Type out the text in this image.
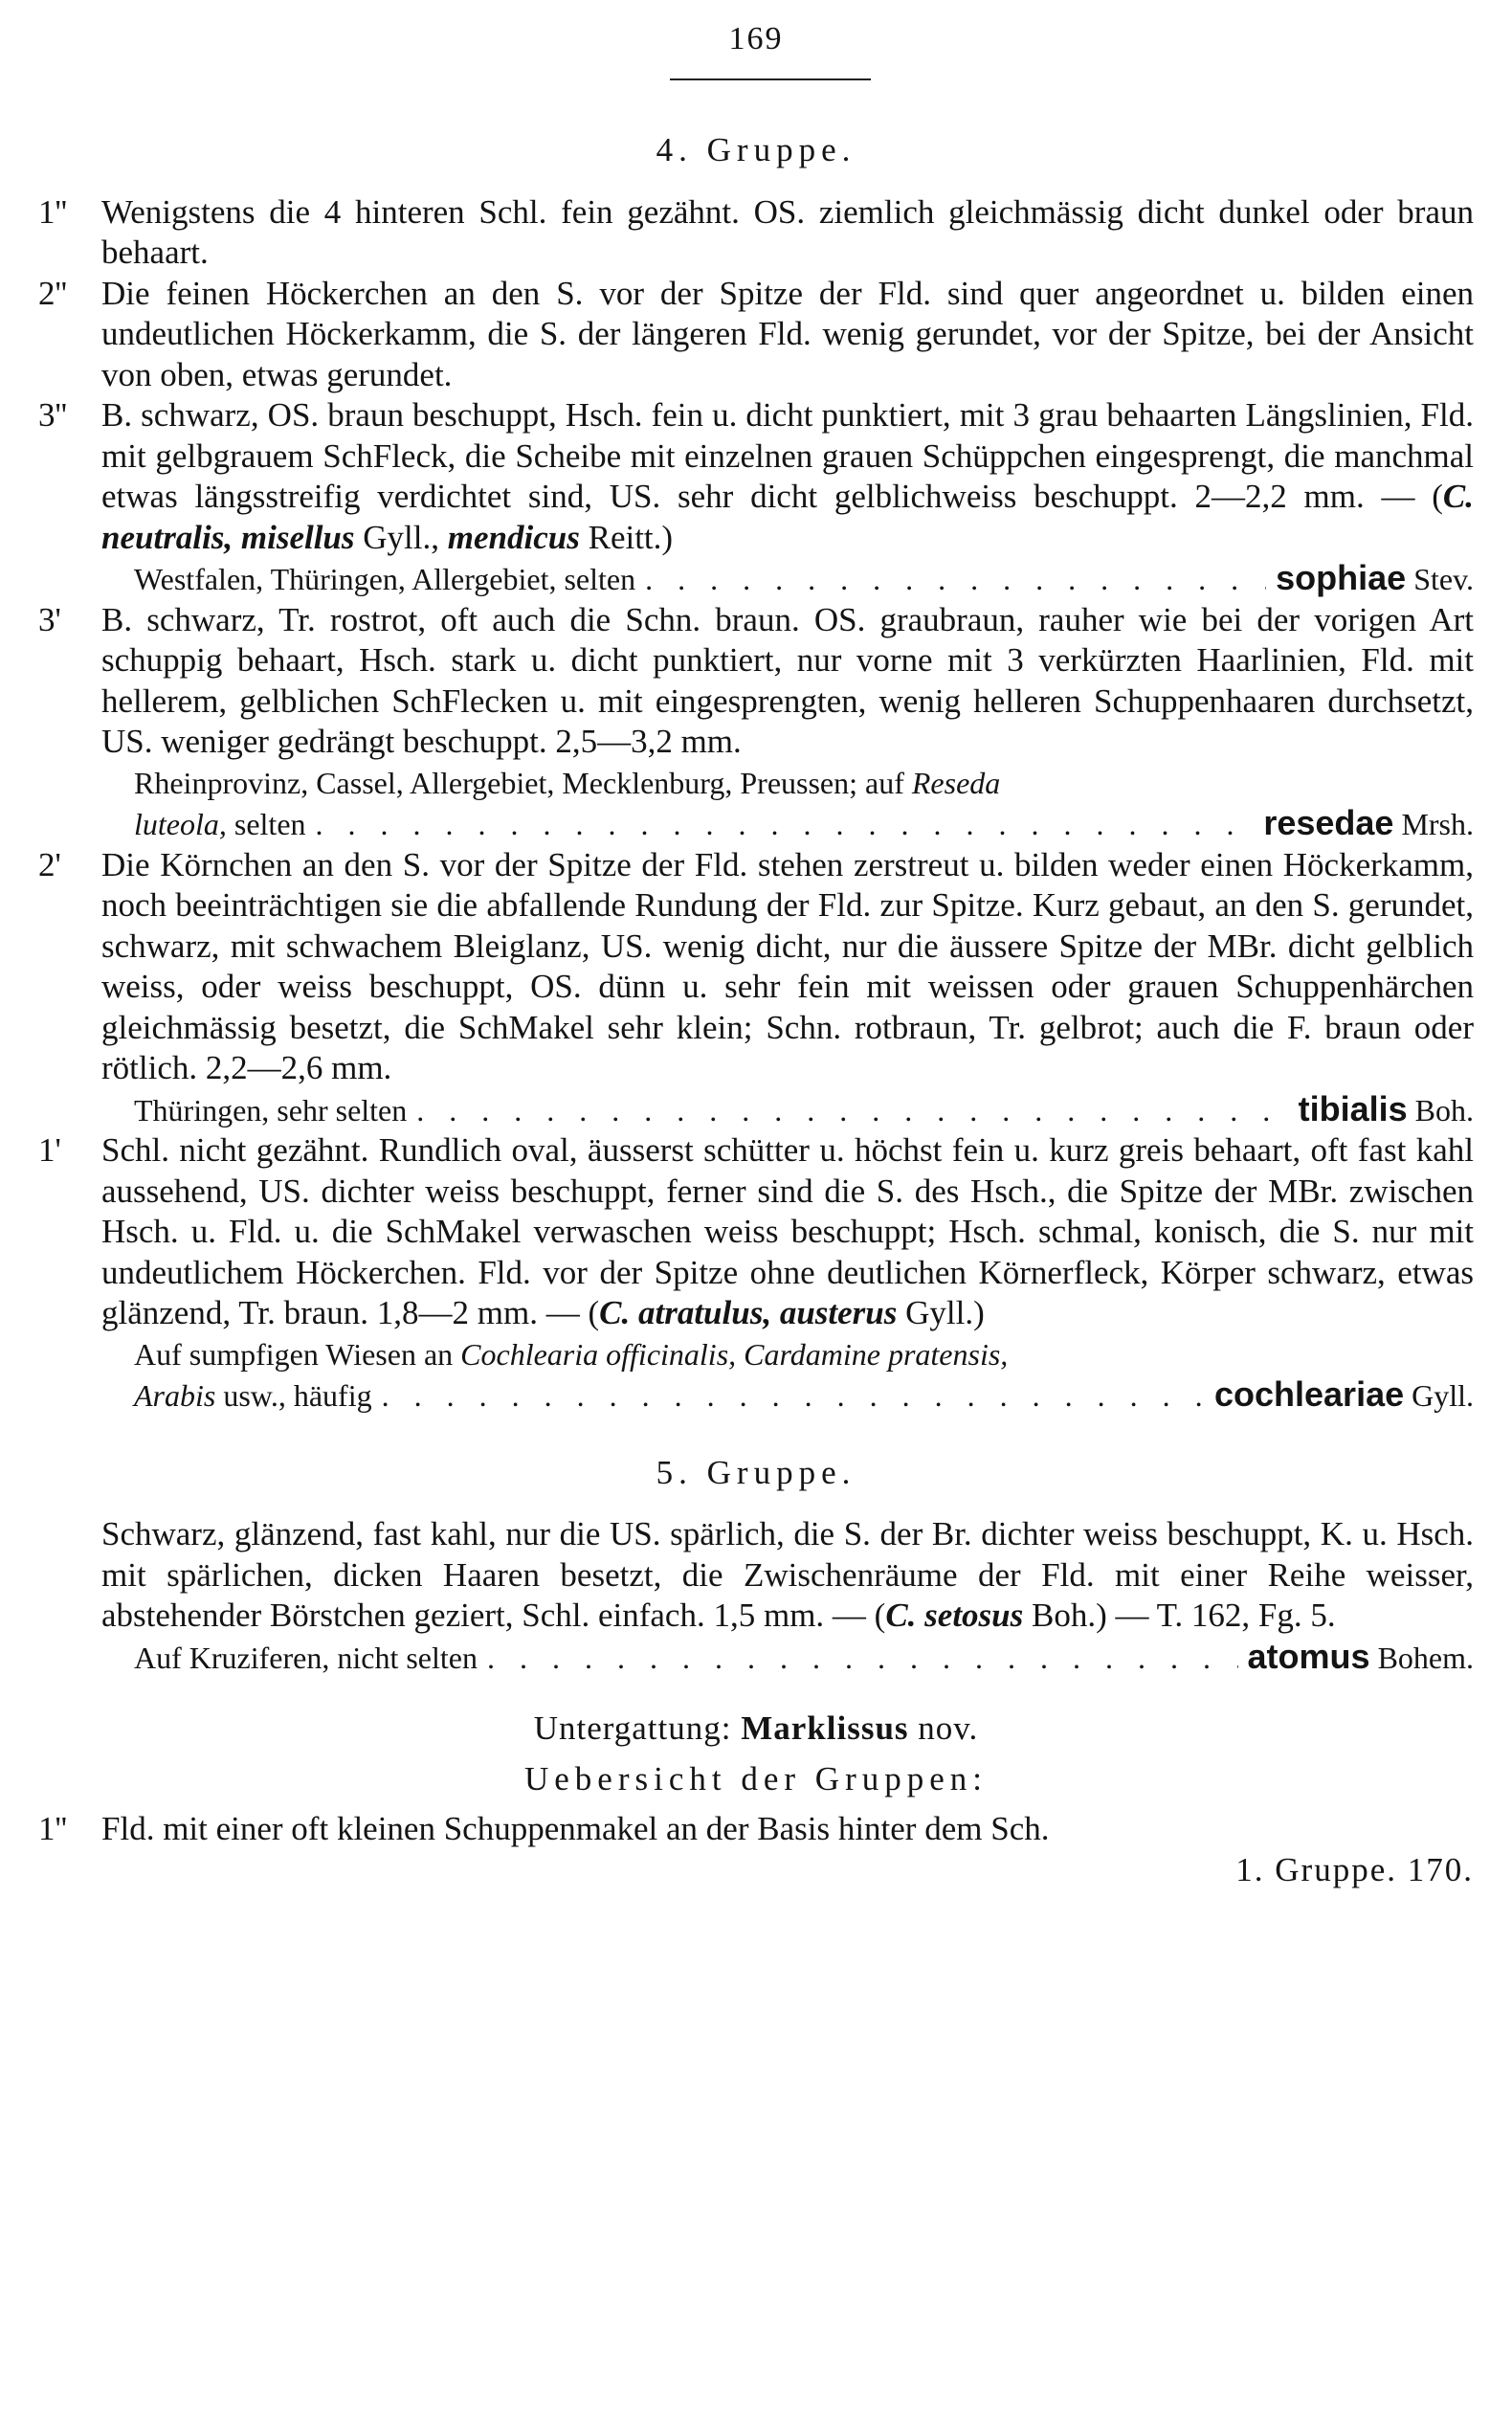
169
4. Gruppe.
1''	Wenigstens die 4 hinteren Schl. fein gezähnt. OS. ziemlich gleichmässig dicht dunkel oder braun behaart.
2''	Die feinen Höckerchen an den S. vor der Spitze der Fld. sind quer angeordnet u. bilden einen undeutlichen Höckerkamm, die S. der längeren Fld. wenig gerundet, vor der Spitze, bei der Ansicht von oben, etwas gerundet.
3''	B. schwarz, OS. braun beschuppt, Hsch. fein u. dicht punktiert, mit 3 grau behaarten Längslinien, Fld. mit gelbgrauem SchFleck, die Scheibe mit einzelnen grauen Schüppchen eingesprengt, die manchmal etwas längsstreifig verdichtet sind, US. sehr dicht gelblichweiss beschuppt. 2—2,2 mm. — (C. neutralis, misellus Gyll., mendicus Reitt.)
Westfalen, Thüringen, Allergebiet, selten . . .	sophiae Stev.
3'	B. schwarz, Tr. rostrot, oft auch die Schn. braun. OS. graubraun, rauher wie bei der vorigen Art schuppig behaart, Hsch. stark u. dicht punktiert, nur vorne mit 3 verkürzten Haarlinien, Fld. mit hellerem, gelblichen SchFlecken u. mit eingesprengten, wenig helleren Schuppenhaaren durchsetzt, US. weniger gedrängt beschuppt. 2,5—3,2 mm.
Rheinprovinz, Cassel, Allergebiet, Mecklenburg, Preussen; auf Reseda
luteola, selten . . .	resedae Mrsh.
2'	Die Körnchen an den S. vor der Spitze der Fld. stehen zerstreut u. bilden weder einen Höckerkamm, noch beeinträchtigen sie die abfallende Rundung der Fld. zur Spitze. Kurz gebaut, an den S. gerundet, schwarz, mit schwachem Bleiglanz, US. wenig dicht, nur die äussere Spitze der MBr. dicht gelblich weiss, oder weiss beschuppt, OS. dünn u. sehr fein mit weissen oder grauen Schuppenhärchen gleichmässig besetzt, die SchMakel sehr klein; Schn. rotbraun, Tr. gelbrot; auch die F. braun oder rötlich. 2,2—2,6 mm.
Thüringen, sehr selten . . .	tibialis Boh.
1'	Schl. nicht gezähnt. Rundlich oval, äusserst schütter u. höchst fein u. kurz greis behaart, oft fast kahl aussehend, US. dichter weiss beschuppt, ferner sind die S. des Hsch., die Spitze der MBr. zwischen Hsch. u. Fld. u. die SchMakel verwaschen weiss beschuppt; Hsch. schmal, konisch, die S. nur mit undeutlichem Höckerchen. Fld. vor der Spitze ohne deutlichen Körnerfleck, Körper schwarz, etwas glänzend, Tr. braun. 1,8—2 mm. — (C. atratulus, austerus Gyll.)
Auf sumpfigen Wiesen an Cochlearia officinalis, Cardamine pratensis,
Arabis usw., häufig . . .	cochleariae Gyll.
5. Gruppe.
Schwarz, glänzend, fast kahl, nur die US. spärlich, die S. der Br. dichter weiss beschuppt, K. u. Hsch. mit spärlichen, dicken Haaren besetzt, die Zwischenräume der Fld. mit einer Reihe weisser, abstehender Börstchen geziert, Schl. einfach. 1,5 mm. — (C. setosus Boh.) — T. 162, Fg. 5.
Auf Kruziferen, nicht selten . . .	atomus Bohem.
Untergattung: Marklissus nov.
Uebersicht der Gruppen:
1''	Fld. mit einer oft kleinen Schuppenmakel an der Basis hinter dem Sch.
1. Gruppe. 170.
